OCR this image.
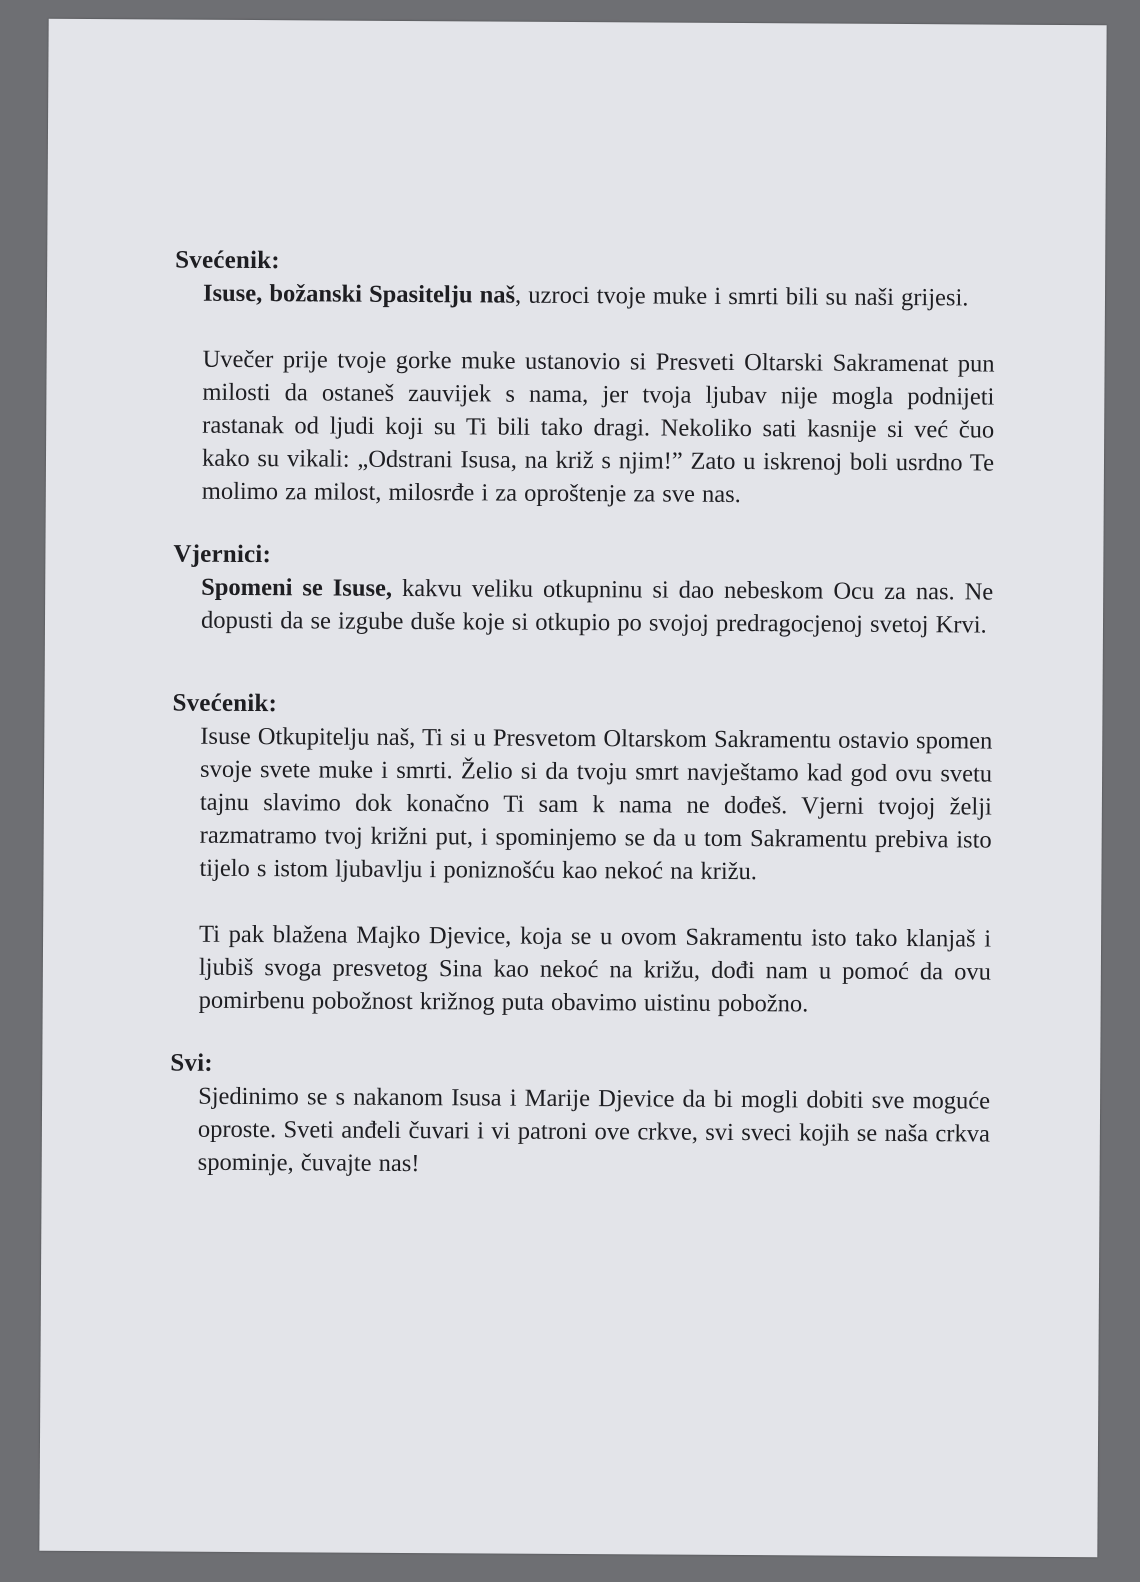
Svećenik:

Isuse, božanski Spasitelju naš, uzroci tvoje muke i smrti bili su naši grijesi.

Uvečer prije tvoje gorke muke ustanovio si Presveti Oltarski Sakramenat pun milosti da ostaneš zauvijek s nama, jer tvoja ljubav nije mogla podnijeti rastanak od ljudi koji su Ti bili tako dragi. Nekoliko sati kasnije si već čuo kako su vikali: „Odstrani Isusa, na križ s njim!” Zato u iskrenoj boli usrdno Te molimo za milost, milosrđe i za oproštenje za sve nas.

Vjernici:

Spomeni se Isuse, kakvu veliku otkupninu si dao nebeskom Ocu za nas. Ne dopusti da se izgube duše koje si otkupio po svojoj predragocjenoj svetoj Krvi.

Svećenik:

Isuse Otkupitelju naš, Ti si u Presvetom Oltarskom Sakramentu ostavio spomen svoje svete muke i smrti. Želio si da tvoju smrt navještamo kad god ovu svetu tajnu slavimo dok konačno Ti sam k nama ne dođeš. Vjerni tvojoj želji razmatramo tvoj križni put, i spominjemo se da u tom Sakramentu prebiva isto tijelo s istom ljubavlju i poniznošću kao nekoć na križu.

Ti pak blažena Majko Djevice, koja se u ovom Sakramentu isto tako klanjaš i ljubiš svoga presvetog Sina kao nekoć na križu, dođi nam u pomoć da ovu pomirbenu pobožnost križnog puta obavimo uistinu pobožno.

Svi:

Sjedinimo se s nakanom Isusa i Marije Djevice da bi mogli dobiti sve moguće oproste. Sveti anđeli čuvari i vi patroni ove crkve, svi sveci kojih se naša crkva spominje, čuvajte nas!
